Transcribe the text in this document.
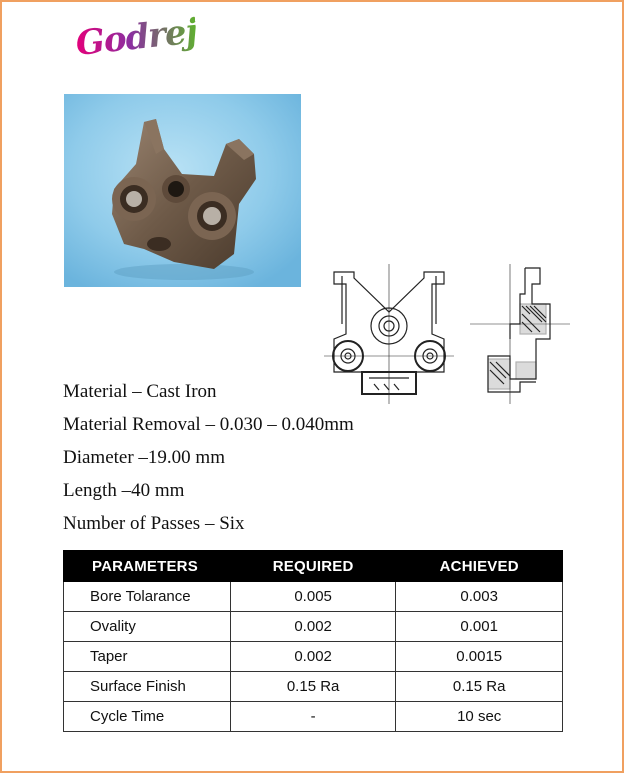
Godrej
Material – Cast Iron
Material Removal – 0.030 – 0.040mm
Diameter –19.00 mm
Length –40 mm
Number of Passes – Six
PARAMETERS	REQUIRED	ACHIEVED
Bore Tolarance	0.005	0.003
Ovality	0.002	0.001
Taper	0.002	0.0015
Surface Finish	0.15 Ra	0.15 Ra
Cycle Time	-	10 sec
